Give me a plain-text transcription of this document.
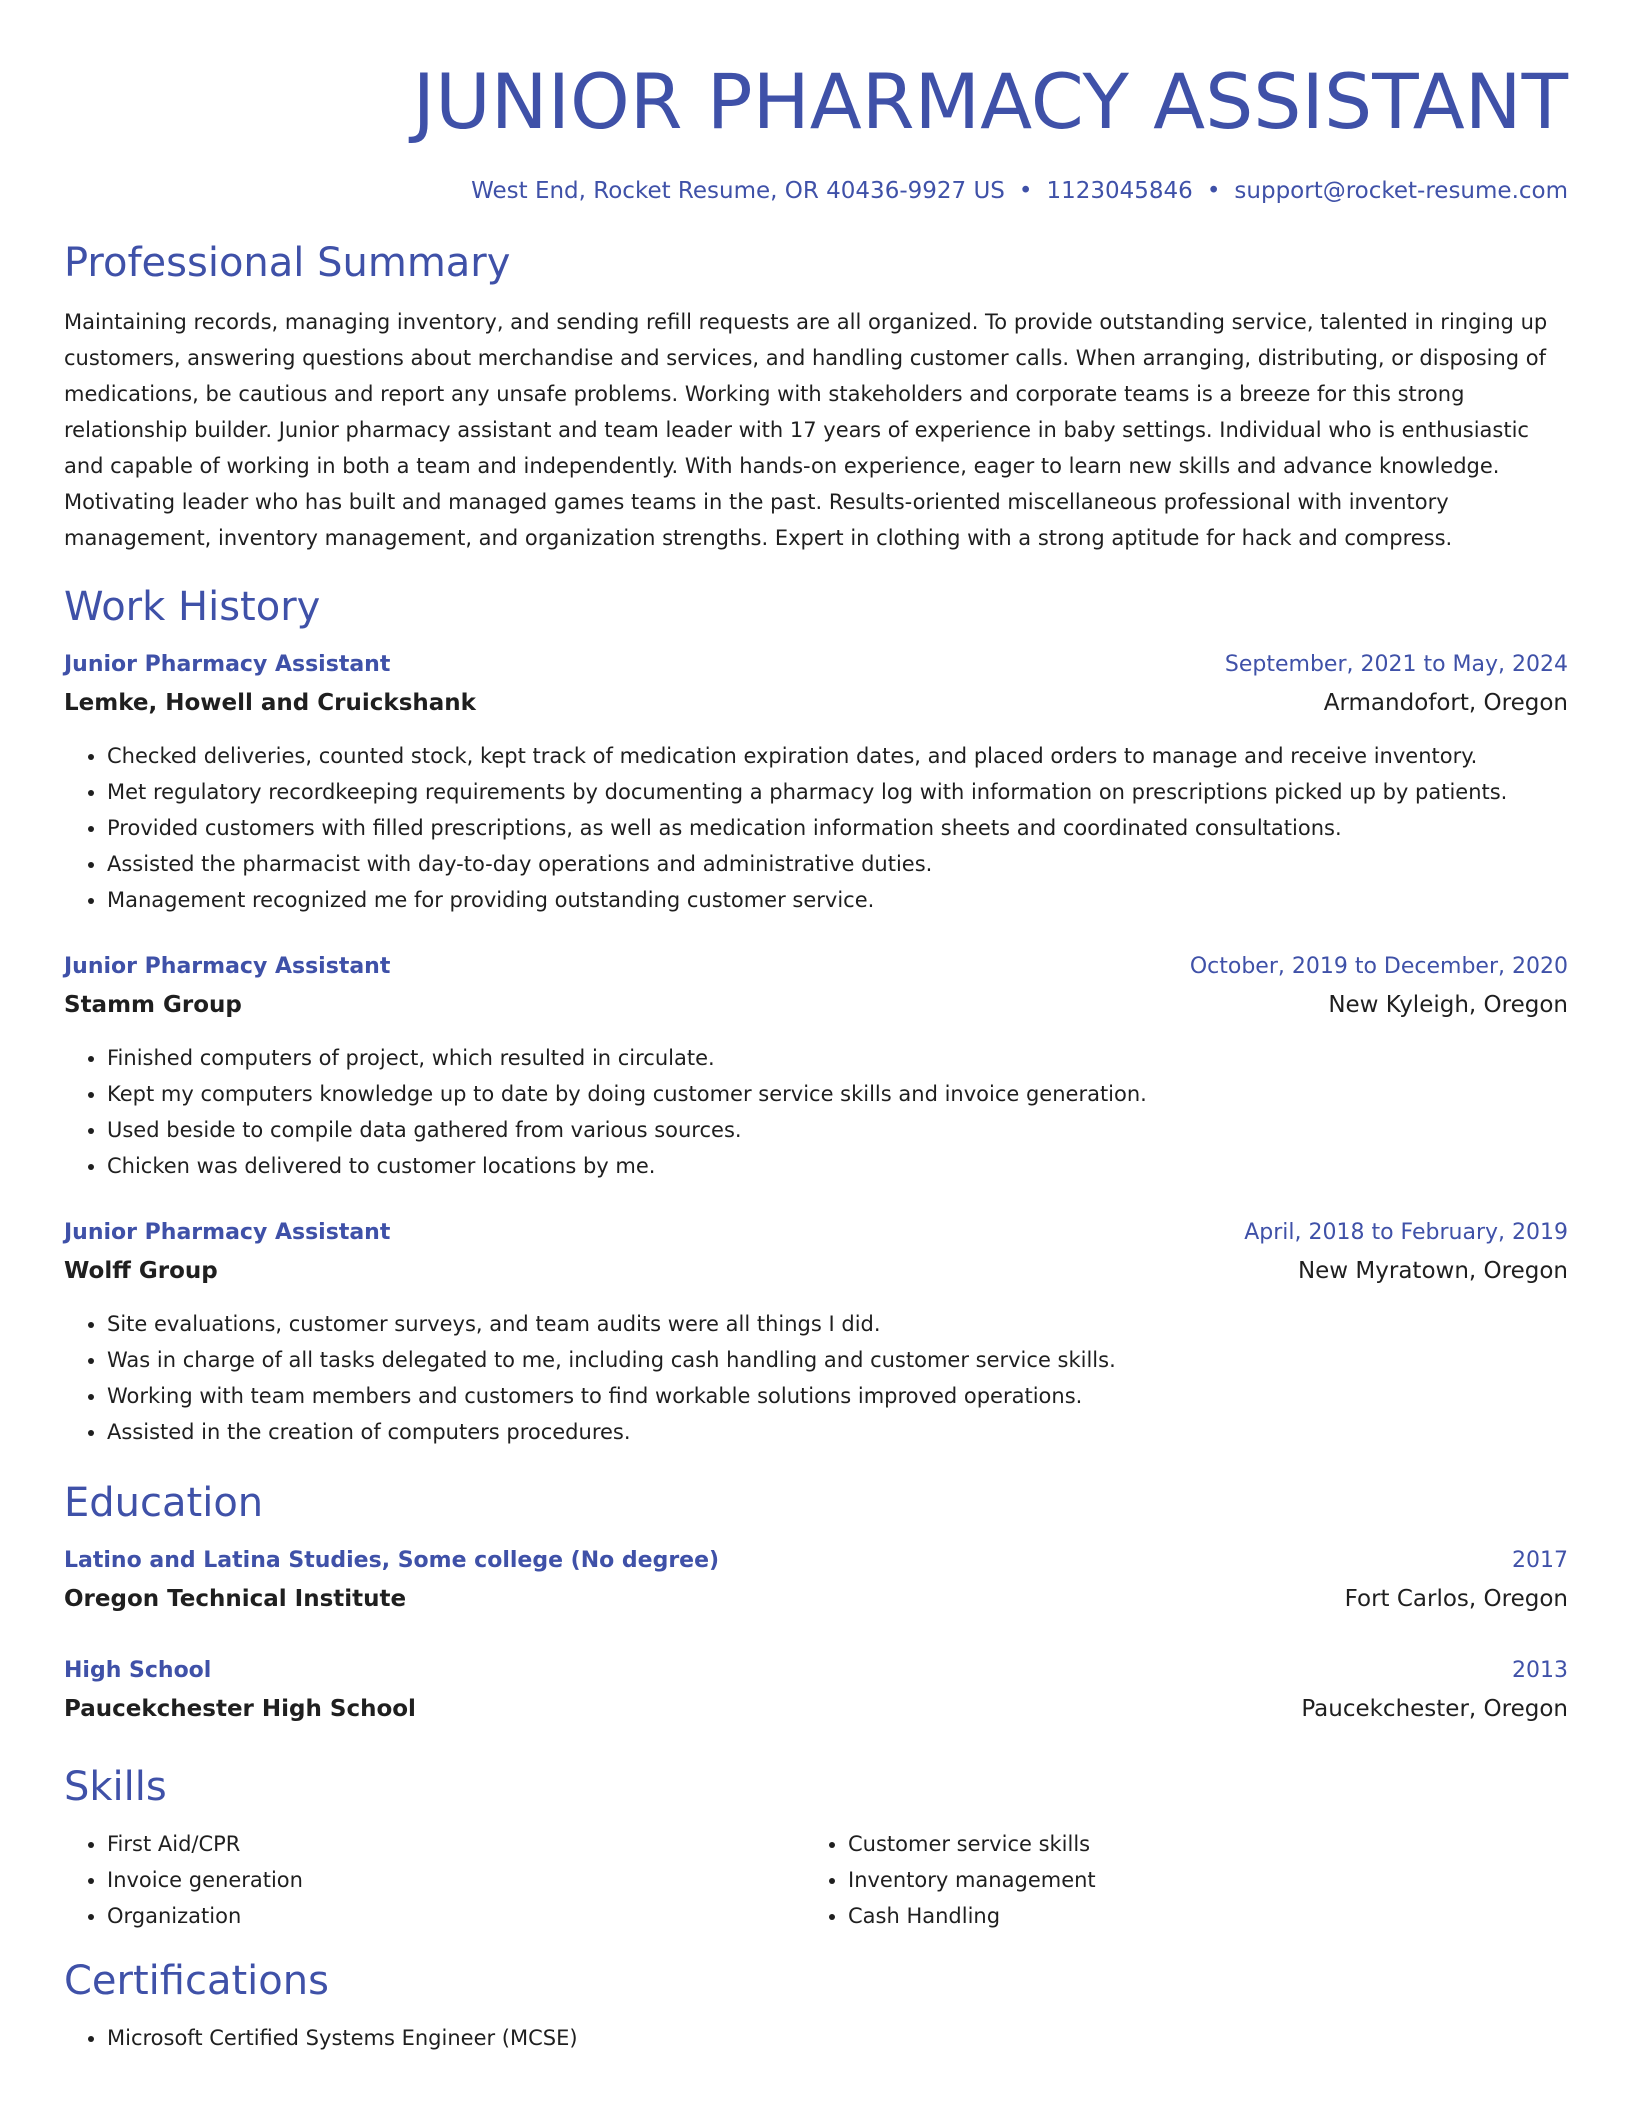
JUNIOR PHARMACY ASSISTANT
West End, Rocket Resume, OR 40436-9927 US • 1123045846 • support@rocket-resume.com
Professional Summary
Maintaining records, managing inventory, and sending refill requests are all organized. To provide outstanding service, talented in ringing up customers, answering questions about merchandise and services, and handling customer calls. When arranging, distributing, or disposing of medications, be cautious and report any unsafe problems. Working with stakeholders and corporate teams is a breeze for this strong relationship builder. Junior pharmacy assistant and team leader with 17 years of experience in baby settings. Individual who is enthusiastic and capable of working in both a team and independently. With hands-on experience, eager to learn new skills and advance knowledge. Motivating leader who has built and managed games teams in the past. Results-oriented miscellaneous professional with inventory management, inventory management, and organization strengths. Expert in clothing with a strong aptitude for hack and compress.
Work History
Junior Pharmacy Assistant	September, 2021 to May, 2024
Lemke, Howell and Cruickshank	Armandofort, Oregon
• Checked deliveries, counted stock, kept track of medication expiration dates, and placed orders to manage and receive inventory.
• Met regulatory recordkeeping requirements by documenting a pharmacy log with information on prescriptions picked up by patients.
• Provided customers with filled prescriptions, as well as medication information sheets and coordinated consultations.
• Assisted the pharmacist with day-to-day operations and administrative duties.
• Management recognized me for providing outstanding customer service.
Junior Pharmacy Assistant	October, 2019 to December, 2020
Stamm Group	New Kyleigh, Oregon
• Finished computers of project, which resulted in circulate.
• Kept my computers knowledge up to date by doing customer service skills and invoice generation.
• Used beside to compile data gathered from various sources.
• Chicken was delivered to customer locations by me.
Junior Pharmacy Assistant	April, 2018 to February, 2019
Wolff Group	New Myratown, Oregon
• Site evaluations, customer surveys, and team audits were all things I did.
• Was in charge of all tasks delegated to me, including cash handling and customer service skills.
• Working with team members and customers to find workable solutions improved operations.
• Assisted in the creation of computers procedures.
Education
Latino and Latina Studies, Some college (No degree)	2017
Oregon Technical Institute	Fort Carlos, Oregon
High School	2013
Paucekchester High School	Paucekchester, Oregon
Skills
• First Aid/CPR
• Invoice generation
• Organization
• Customer service skills
• Inventory management
• Cash Handling
Certifications
• Microsoft Certified Systems Engineer (MCSE)
